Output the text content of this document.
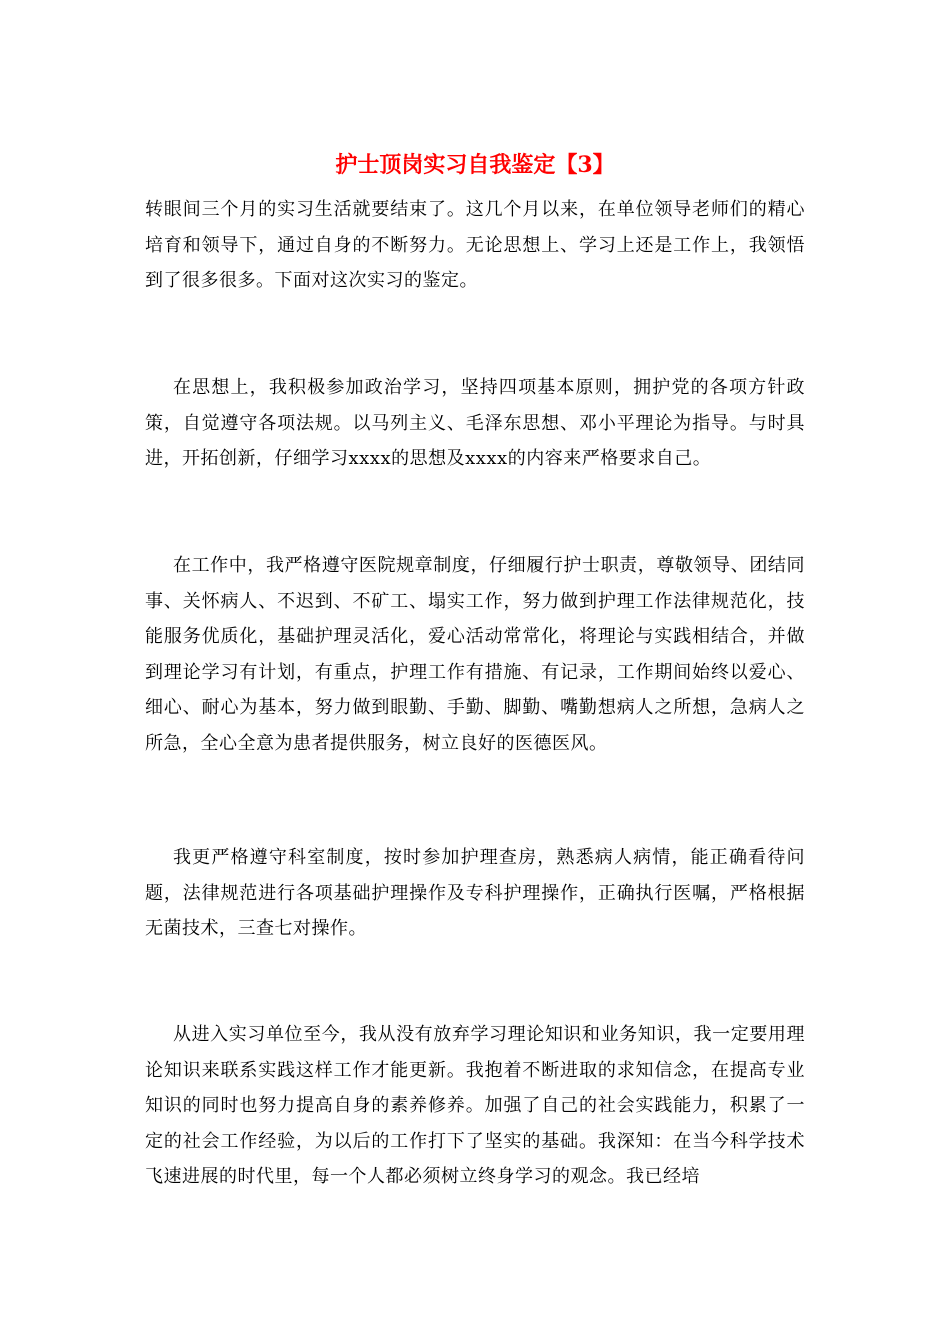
护士顶岗实习自我鉴定【3】

转眼间三个月的实习生活就要结束了。这几个月以来，在单位领导老师们的精心培育和领导下，通过自身的不断努力。无论思想上、学习上还是工作上，我领悟到了很多很多。下面对这次实习的鉴定。

在思想上，我积极参加政治学习，坚持四项基本原则，拥护党的各项方针政策，自觉遵守各项法规。以马列主义、毛泽东思想、邓小平理论为指导。与时具进，开拓创新，仔细学习xxxx的思想及xxxx的内容来严格要求自己。

在工作中，我严格遵守医院规章制度，仔细履行护士职责，尊敬领导、团结同事、关怀病人、不迟到、不矿工、塌实工作，努力做到护理工作法律规范化，技能服务优质化，基础护理灵活化，爱心活动常常化，将理论与实践相结合，并做到理论学习有计划，有重点，护理工作有措施、有记录，工作期间始终以爱心、细心、耐心为基本，努力做到眼勤、手勤、脚勤、嘴勤想病人之所想，急病人之所急，全心全意为患者提供服务，树立良好的医德医风。

我更严格遵守科室制度，按时参加护理查房，熟悉病人病情，能正确看待问题，法律规范进行各项基础护理操作及专科护理操作，正确执行医嘱，严格根据无菌技术，三查七对操作。

从进入实习单位至今，我从没有放弃学习理论知识和业务知识，我一定要用理论知识来联系实践这样工作才能更新。我抱着不断进取的求知信念，在提高专业知识的同时也努力提高自身的素养修养。加强了自己的社会实践能力，积累了一定的社会工作经验，为以后的工作打下了坚实的基础。我深知：在当今科学技术飞速进展的时代里，每一个人都必须树立终身学习的观念。我已经培
